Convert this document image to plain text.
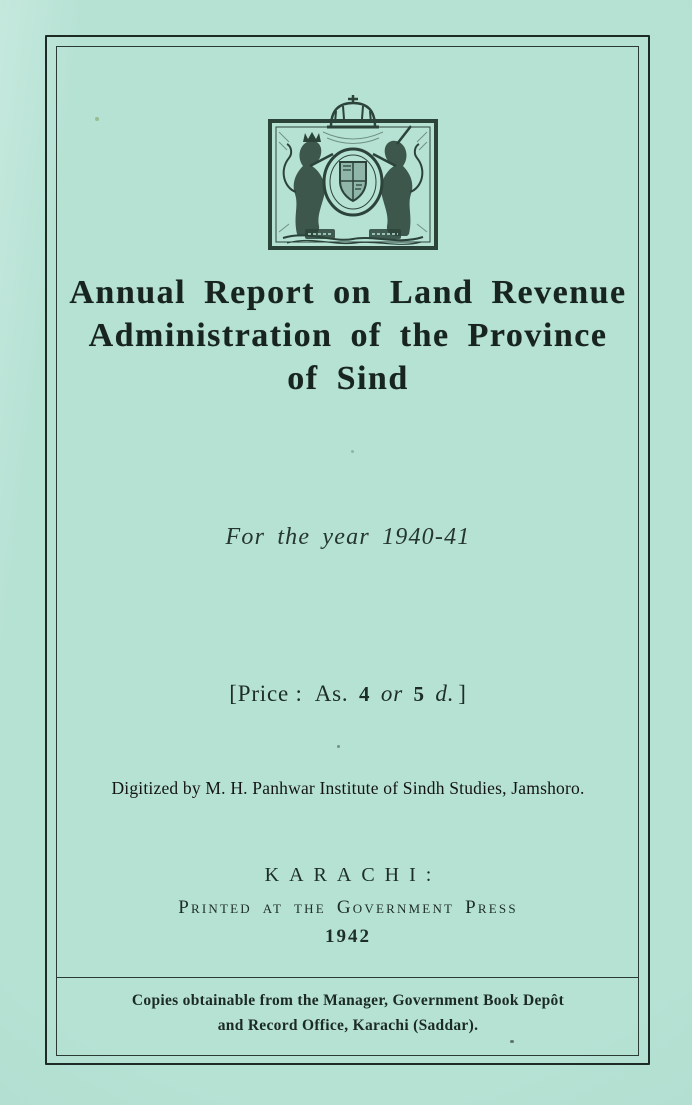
Annual Report on Land Revenue
Administration of the Province
of Sind
For the year 1940-41
[Price : As. 4 or 5 d. ]
Digitized by M. H. Panhwar Institute of Sindh Studies, Jamshoro.
KARACHI:
Printed at the Government Press
1942
Copies obtainable from the Manager, Government Book Depôt
and Record Office, Karachi (Saddar).
